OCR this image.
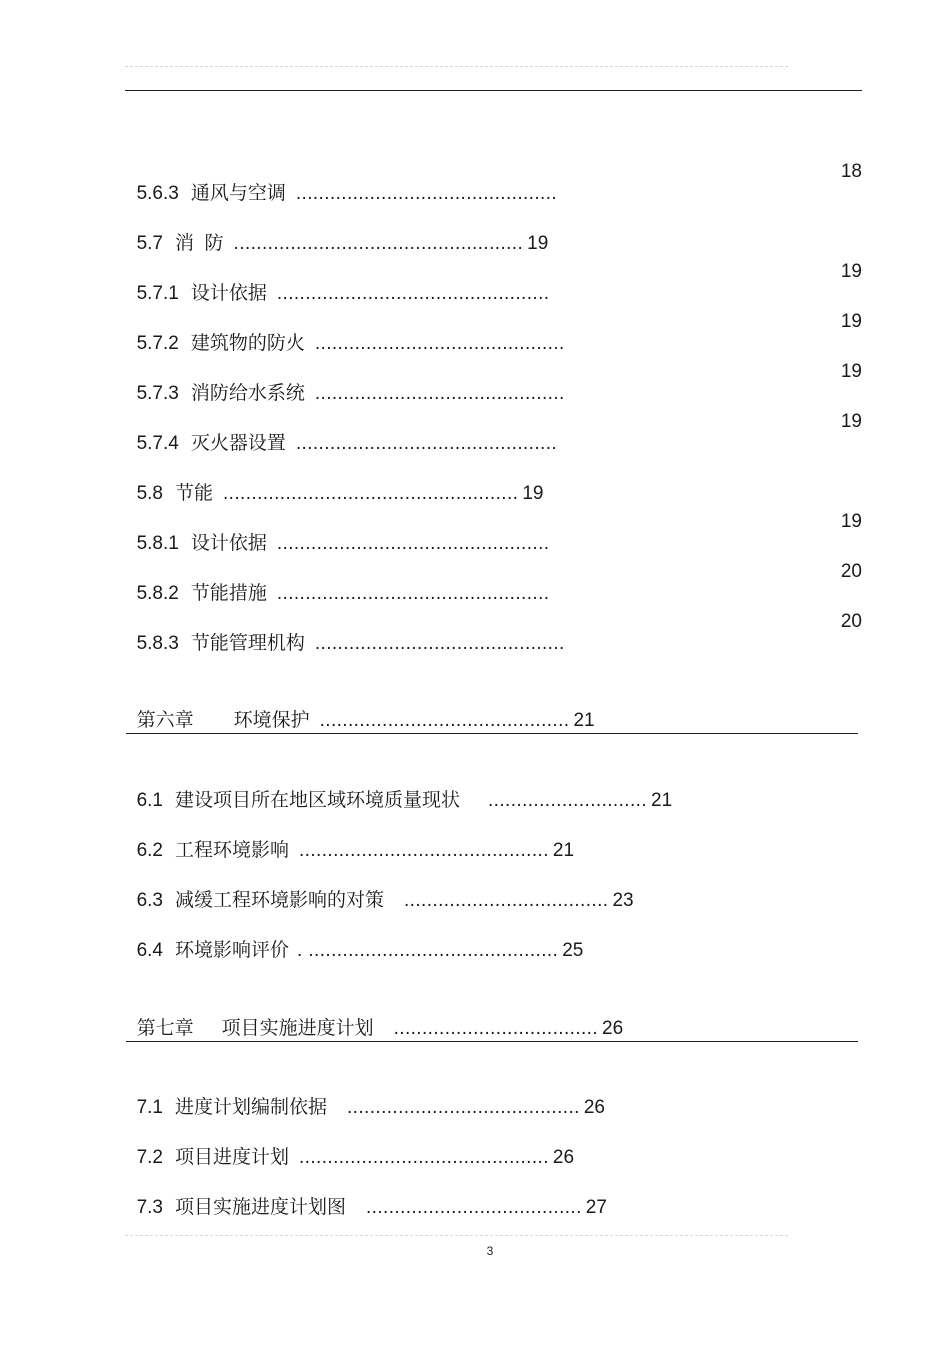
5.6.3 通风与空调 ..............................................

18

5.7 消  防 ................................................... 19

5.7.1 设计依据 ................................................

19

5.7.2 建筑物的防火 ............................................

19

5.7.3 消防给水系统 ............................................

19

5.7.4 灭火器设置 ..............................................

19

5.8 节能 .................................................... 19

5.8.1 设计依据 ................................................

19

5.8.2 节能措施 ................................................

20

5.8.3 节能管理机构 ............................................

20

第六章 环境保护 ............................................ 21

6.1 建设项目所在地区域环境质量现状 ............................ 21

6.2 工程环境影响 ............................................ 21

6.3 减缓工程环境影响的对策 .................................... 23

6.4 环境影响评价 . ............................................ 25

第七章 项目实施进度计划 .................................... 26

7.1 进度计划编制依据 ......................................... 26

7.2 项目进度计划 ............................................ 26

7.3 项目实施进度计划图 ...................................... 27

3
